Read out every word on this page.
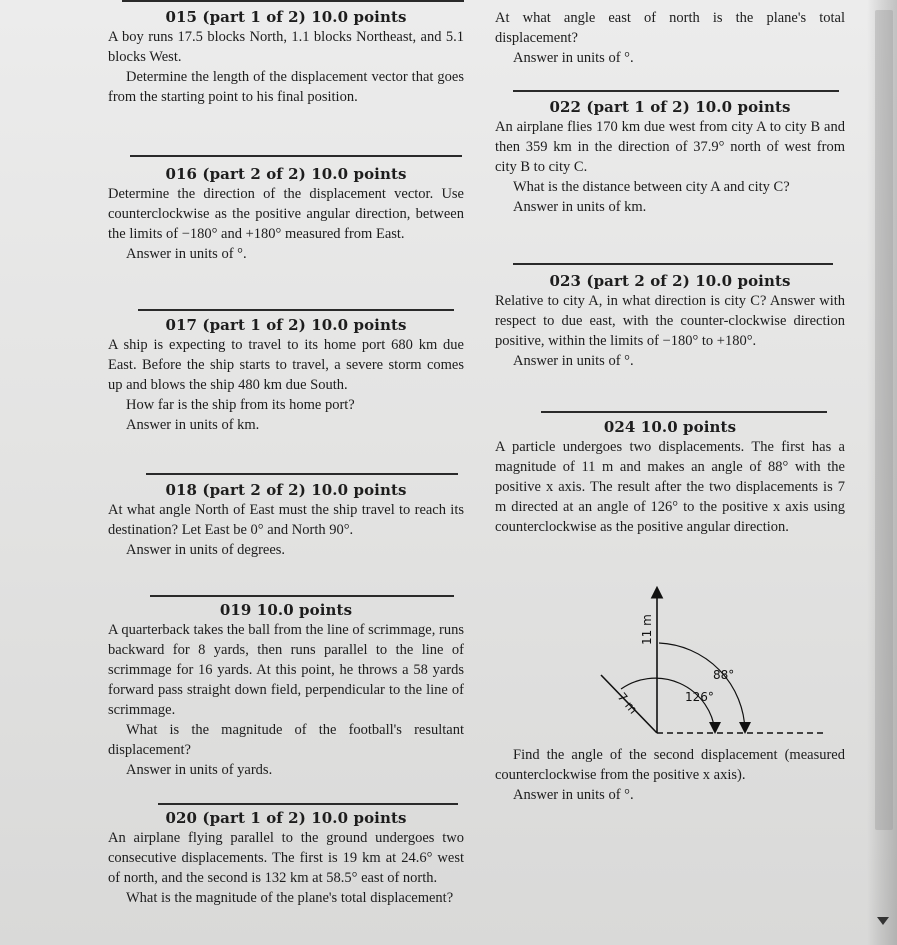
015 (part 1 of 2) 10.0 points

A boy runs 17.5 blocks North, 1.1 blocks Northeast, and 5.1 blocks West.

Determine the length of the displacement vector that goes from the starting point to his final position.

016 (part 2 of 2) 10.0 points

Determine the direction of the displacement vector. Use counterclockwise as the positive angular direction, between the limits of −180° and +180° measured from East.

Answer in units of °.
017 (part 1 of 2) 10.0 points

A ship is expecting to travel to its home port 680 km due East. Before the ship starts to travel, a severe storm comes up and blows the ship 480 km due South.

How far is the ship from its home port?

Answer in units of km.
018 (part 2 of 2) 10.0 points

At what angle North of East must the ship travel to reach its destination? Let East be 0° and North 90°.

Answer in units of degrees.
019 10.0 points

A quarterback takes the ball from the line of scrimmage, runs backward for 8 yards, then runs parallel to the line of scrimmage for 16 yards. At this point, he throws a 58 yards forward pass straight down field, perpendicular to the line of scrimmage.

What is the magnitude of the football's resultant displacement?

Answer in units of yards.
020 (part 1 of 2) 10.0 points

An airplane flying parallel to the ground undergoes two consecutive displacements. The first is 19 km at 24.6° west of north, and the second is 132 km at 58.5° east of north.

What is the magnitude of the plane's total displacement?

At what angle east of north is the plane's total displacement?

Answer in units of °.
022 (part 1 of 2) 10.0 points

An airplane flies 170 km due west from city A to city B and then 359 km in the direction of 37.9° north of west from city B to city C.

What is the distance between city A and city C?

Answer in units of km.
023 (part 2 of 2) 10.0 points

Relative to city A, in what direction is city C? Answer with respect to due east, with the counter-clockwise direction positive, within the limits of −180° to +180°.

Answer in units of °.
024 10.0 points

A particle undergoes two displacements. The first has a magnitude of 11 m and makes an angle of 88° with the positive x axis. The result after the two displacements is 7 m directed at an angle of 126° to the positive x axis using counterclockwise as the positive angular direction.

11 m
7 m
88°
126°

Find the angle of the second displacement (measured counterclockwise from the positive x axis).

Answer in units of °.
